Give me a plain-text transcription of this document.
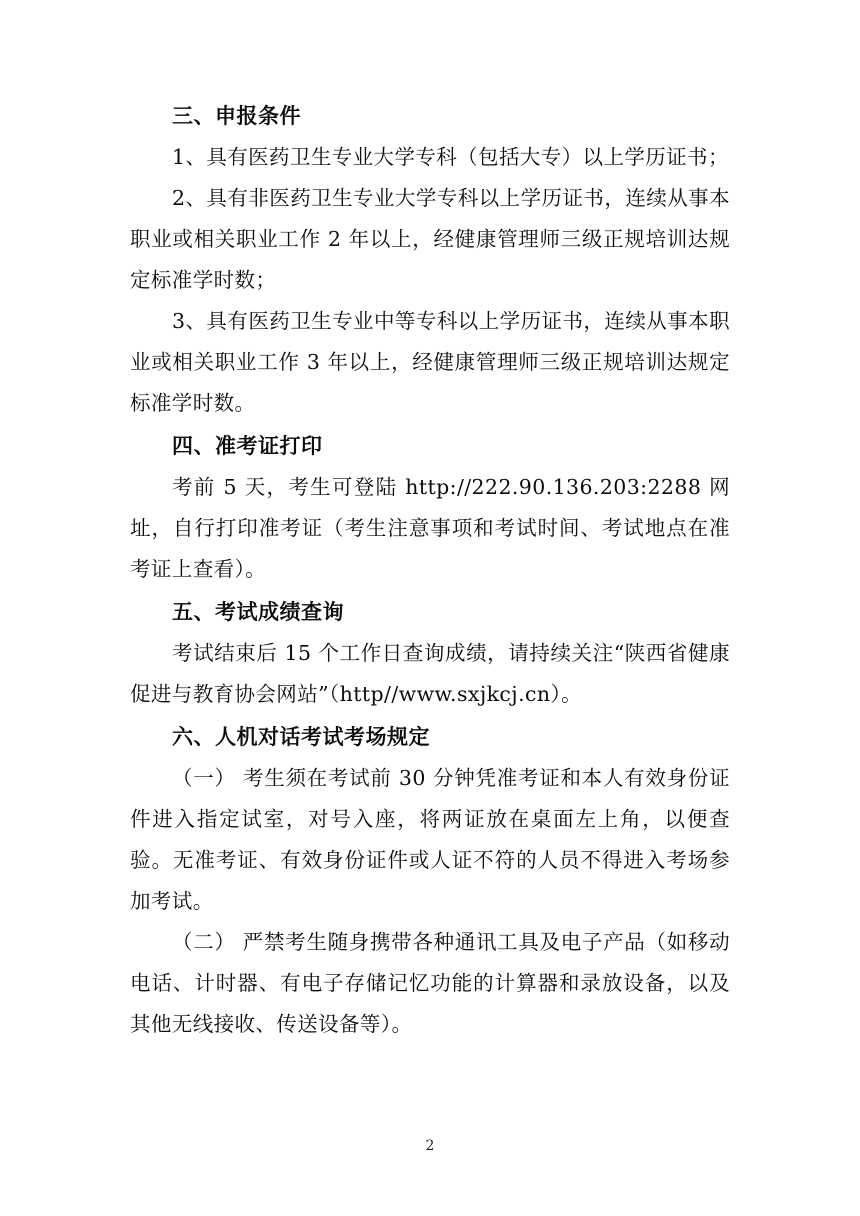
三、申报条件

1、具有医药卫生专业大学专科（包括大专）以上学历证书；

2、具有非医药卫生专业大学专科以上学历证书，连续从事本职业或相关职业工作 2 年以上，经健康管理师三级正规培训达规定标准学时数；

3、具有医药卫生专业中等专科以上学历证书，连续从事本职业或相关职业工作 3 年以上，经健康管理师三级正规培训达规定标准学时数。

四、准考证打印

考前 5 天，考生可登陆 http://222.90.136.203:2288 网址，自行打印准考证（考生注意事项和考试时间、考试地点在准考证上查看）。

五、考试成绩查询

考试结束后 15 个工作日查询成绩，请持续关注“陕西省健康促进与教育协会网站”（http//www.sxjkcj.cn）。

六、人机对话考试考场规定

（一） 考生须在考试前 30 分钟凭准考证和本人有效身份证件进入指定试室，对号入座，将两证放在桌面左上角，以便查验。无准考证、有效身份证件或人证不符的人员不得进入考场参加考试。

（二） 严禁考生随身携带各种通讯工具及电子产品（如移动电话、计时器、有电子存储记忆功能的计算器和录放设备，以及其他无线接收、传送设备等）。

2
